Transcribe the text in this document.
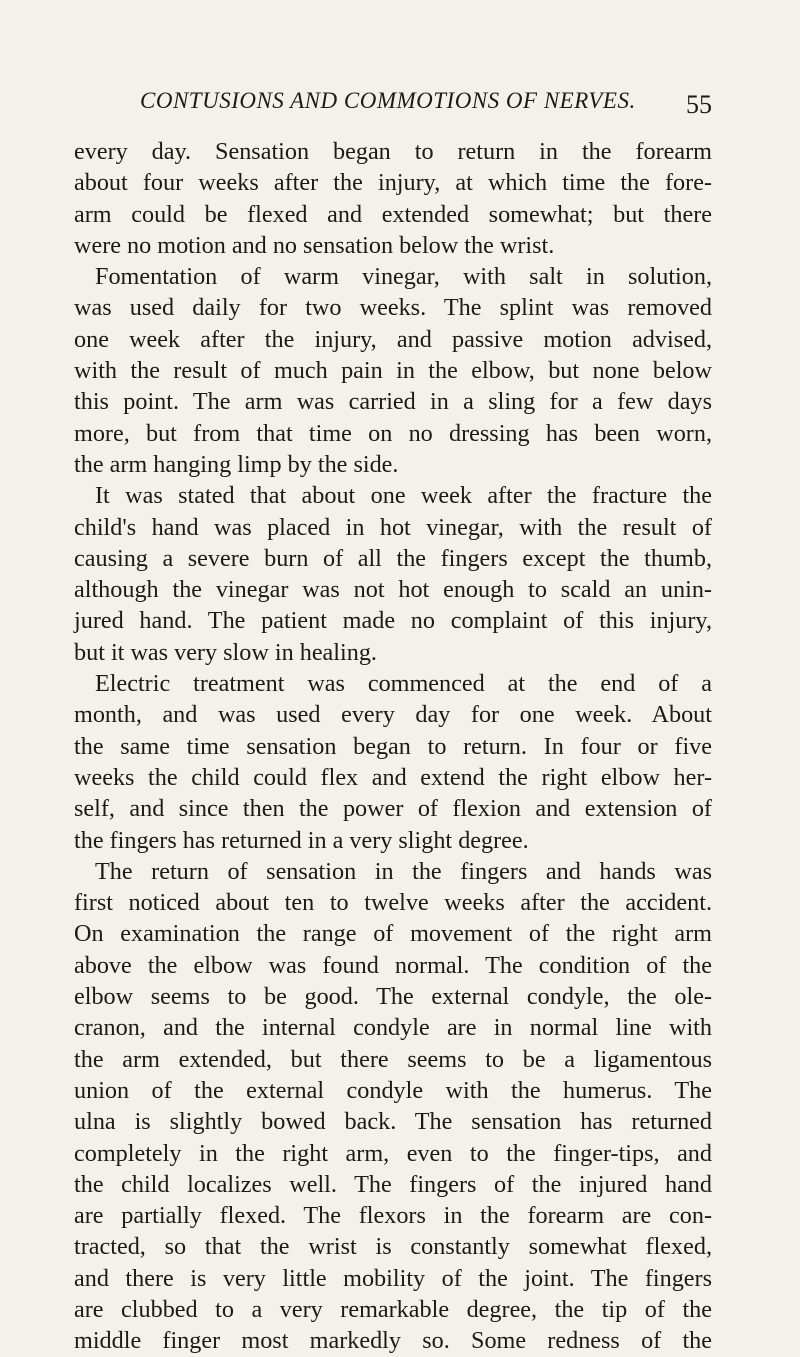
CONTUSIONS AND COMMOTIONS OF NERVES. 55
every day. Sensation began to return in the forearm
about four weeks after the injury, at which time the fore-
arm could be flexed and extended somewhat; but there
were no motion and no sensation below the wrist.
Fomentation of warm vinegar, with salt in solution,
was used daily for two weeks. The splint was removed
one week after the injury, and passive motion advised,
with the result of much pain in the elbow, but none below
this point. The arm was carried in a sling for a few days
more, but from that time on no dressing has been worn,
the arm hanging limp by the side.
It was stated that about one week after the fracture the
child's hand was placed in hot vinegar, with the result of
causing a severe burn of all the fingers except the thumb,
although the vinegar was not hot enough to scald an unin-
jured hand. The patient made no complaint of this injury,
but it was very slow in healing.
Electric treatment was commenced at the end of a
month, and was used every day for one week. About
the same time sensation began to return. In four or five
weeks the child could flex and extend the right elbow her-
self, and since then the power of flexion and extension of
the fingers has returned in a very slight degree.
The return of sensation in the fingers and hands was
first noticed about ten to twelve weeks after the accident.
On examination the range of movement of the right arm
above the elbow was found normal. The condition of the
elbow seems to be good. The external condyle, the ole-
cranon, and the internal condyle are in normal line with
the arm extended, but there seems to be a ligamentous
union of the external condyle with the humerus. The
ulna is slightly bowed back. The sensation has returned
completely in the right arm, even to the finger-tips, and
the child localizes well. The fingers of the injured hand
are partially flexed. The flexors in the forearm are con-
tracted, so that the wrist is constantly somewhat flexed,
and there is very little mobility of the joint. The fingers
are clubbed to a very remarkable degree, the tip of the
middle finger most markedly so. Some redness of the
